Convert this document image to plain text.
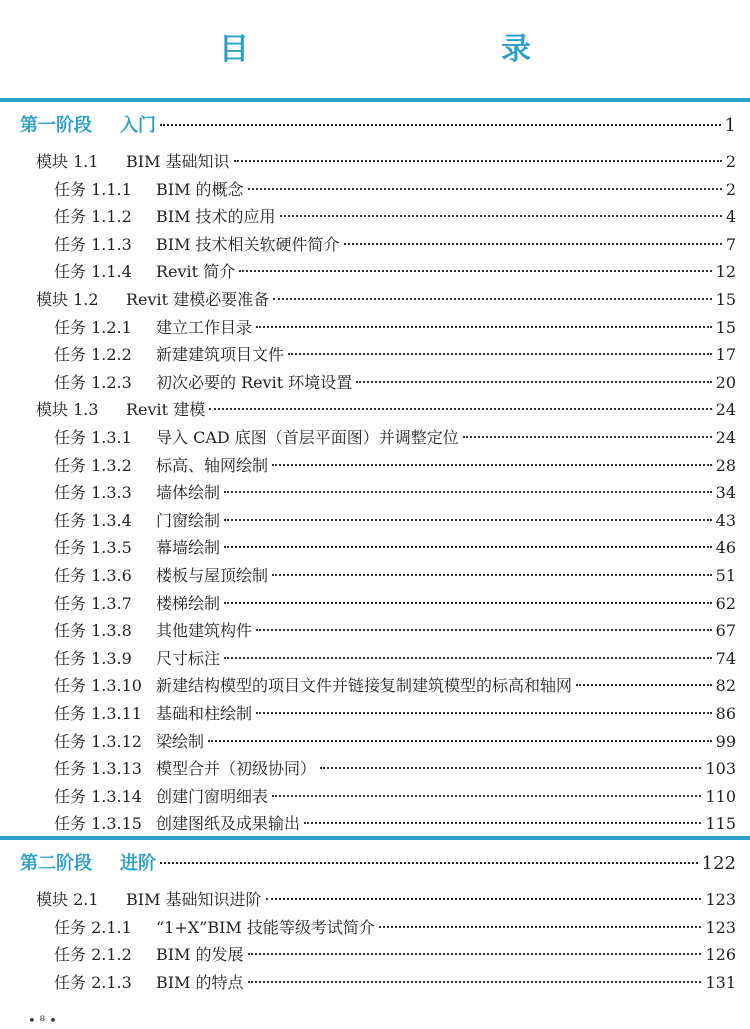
目　　录
第一阶段	入门	1
模块 1.1	BIM 基础知识	2
任务 1.1.1	BIM 的概念	2
任务 1.1.2	BIM 技术的应用	4
任务 1.1.3	BIM 技术相关软硬件简介	7
任务 1.1.4	Revit 简介	12
模块 1.2	Revit 建模必要准备	15
任务 1.2.1	建立工作目录	15
任务 1.2.2	新建建筑项目文件	17
任务 1.2.3	初次必要的 Revit 环境设置	20
模块 1.3	Revit 建模	24
任务 1.3.1	导入 CAD 底图（首层平面图）并调整定位	24
任务 1.3.2	标高、轴网绘制	28
任务 1.3.3	墙体绘制	34
任务 1.3.4	门窗绘制	43
任务 1.3.5	幕墙绘制	46
任务 1.3.6	楼板与屋顶绘制	51
任务 1.3.7	楼梯绘制	62
任务 1.3.8	其他建筑构件	67
任务 1.3.9	尺寸标注	74
任务 1.3.10 新建结构模型的项目文件并链接复制建筑模型的标高和轴网	82
任务 1.3.11 基础和柱绘制	86
任务 1.3.12 梁绘制	99
任务 1.3.13 模型合并（初级协同）	103
任务 1.3.14 创建门窗明细表	110
任务 1.3.15 创建图纸及成果输出	115
第二阶段	进阶	122
模块 2.1	BIM 基础知识进阶	123
任务 2.1.1	“1+X”BIM 技能等级考试简介	123
任务 2.1.2	BIM 的发展	126
任务 2.1.3	BIM 的特点	131
• ⁸ •
